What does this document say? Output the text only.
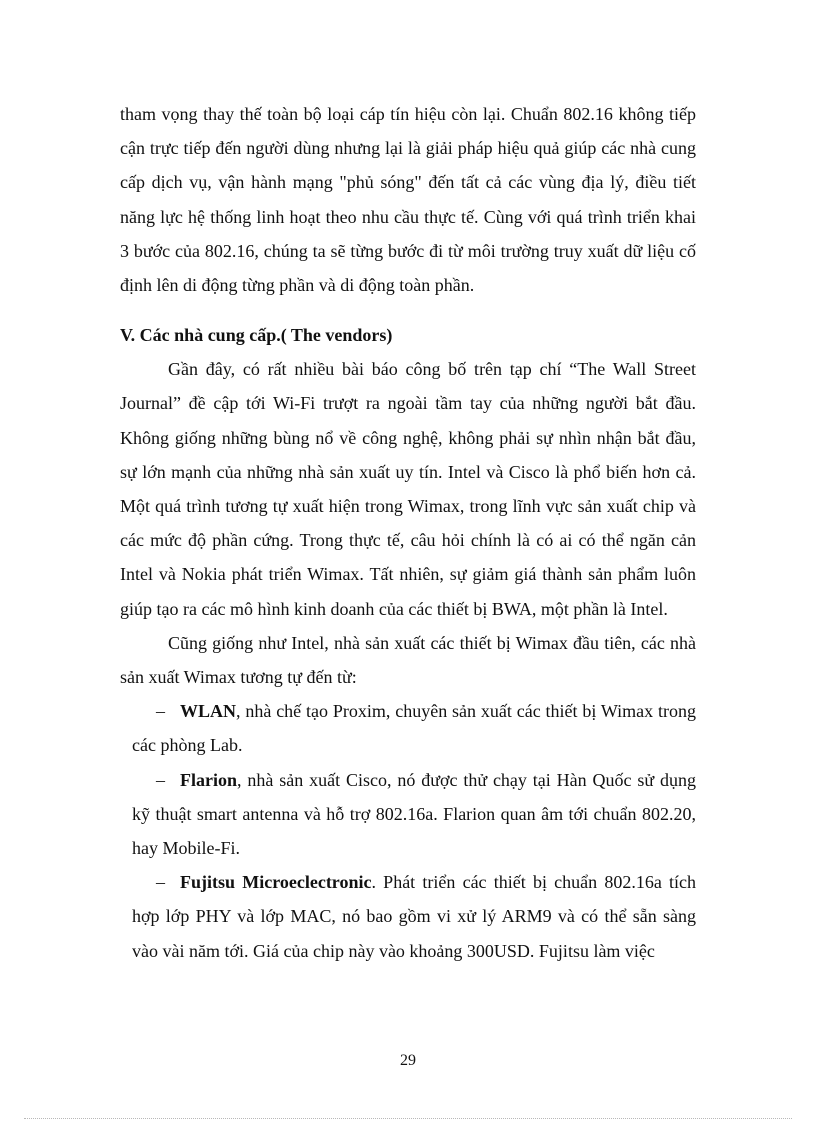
tham vọng thay thế toàn bộ loại cáp tín hiệu còn lại. Chuẩn 802.16 không tiếp cận trực tiếp đến người dùng nhưng lại là giải pháp hiệu quả giúp các nhà cung cấp dịch vụ, vận hành mạng "phủ sóng" đến tất cả các vùng địa lý, điều tiết năng lực hệ thống linh hoạt theo nhu cầu thực tế. Cùng với quá trình triển khai 3 bước của 802.16, chúng ta sẽ từng bước đi từ môi trường truy xuất dữ liệu cố định lên di động từng phần và di động toàn phần.

V. Các nhà cung cấp.( The vendors)

Gần đây, có rất nhiều bài báo công bố trên tạp chí “The Wall Street Journal” đề cập tới Wi-Fi trượt ra ngoài tầm tay của những người bắt đầu. Không giống những bùng nổ về công nghệ, không phải sự nhìn nhận bắt đầu, sự lớn mạnh của những nhà sản xuất uy tín. Intel và Cisco là phổ biến hơn cả. Một quá trình tương tự xuất hiện trong Wimax, trong lĩnh vực sản xuất chip và các mức độ phần cứng. Trong thực tế, câu hỏi chính là có ai có thể ngăn cản Intel và Nokia phát triển Wimax. Tất nhiên, sự giảm giá thành sản phẩm luôn giúp tạo ra các mô hình kinh doanh của các thiết bị BWA, một phần là Intel.

Cũng giống như Intel, nhà sản xuất các thiết bị Wimax đầu tiên, các nhà sản xuất Wimax tương tự đến từ:

– WLAN, nhà chế tạo Proxim, chuyên sản xuất các thiết bị Wimax trong các phòng Lab.

– Flarion, nhà sản xuất Cisco, nó được thử chạy tại Hàn Quốc sử dụng kỹ thuật smart antenna và hỗ trợ 802.16a. Flarion quan âm tới chuẩn 802.20, hay Mobile-Fi.

– Fujitsu Microeclectronic. Phát triển các thiết bị chuẩn 802.16a tích hợp lớp PHY và lớp MAC, nó bao gồm vi xử lý ARM9 và có thể sẵn sàng vào vài năm tới. Giá của chip này vào khoảng 300USD. Fujitsu làm việc

29
